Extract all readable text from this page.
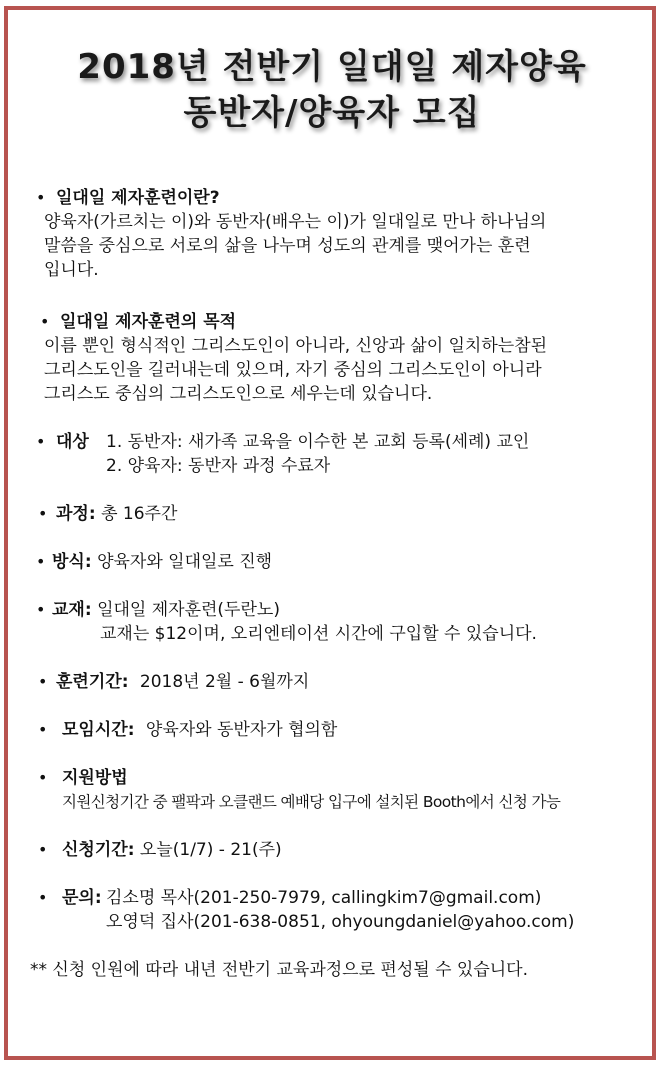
2018년 전반기 일대일 제자양육
동반자/양육자 모집
• 일대일 제자훈련이란?
양육자(가르치는 이)와 동반자(배우는 이)가 일대일로 만나 하나님의
말씀을 중심으로 서로의 삶을 나누며 성도의 관계를 맺어가는 훈련
입니다.
• 일대일 제자훈련의 목적
이름 뿐인 형식적인 그리스도인이 아니라, 신앙과 삶이 일치하는참된
그리스도인을 길러내는데 있으며, 자기 중심의 그리스도인이 아니라
그리스도 중심의 그리스도인으로 세우는데 있습니다.
• 대상 1. 동반자: 새가족 교육을 이수한 본 교회 등록(세례) 교인
2. 양육자: 동반자 과정 수료자
• 과정: 총 16주간
• 방식: 양육자와 일대일로 진행
• 교재: 일대일 제자훈련(두란노)
교재는 $12이며, 오리엔테이션 시간에 구입할 수 있습니다.
• 훈련기간: 2018년 2월 - 6월까지
• 모임시간: 양육자와 동반자가 협의함
• 지원방법
지원신청기간 중 팰팍과 오클랜드 예배당 입구에 설치된 Booth에서 신청 가능
• 신청기간: 오늘(1/7) - 21(주)
• 문의: 김소명 목사(201-250-7979, callingkim7@gmail.com)
오영덕 집사(201-638-0851, ohyoungdaniel@yahoo.com)
** 신청 인원에 따라 내년 전반기 교육과정으로 편성될 수 있습니다.
